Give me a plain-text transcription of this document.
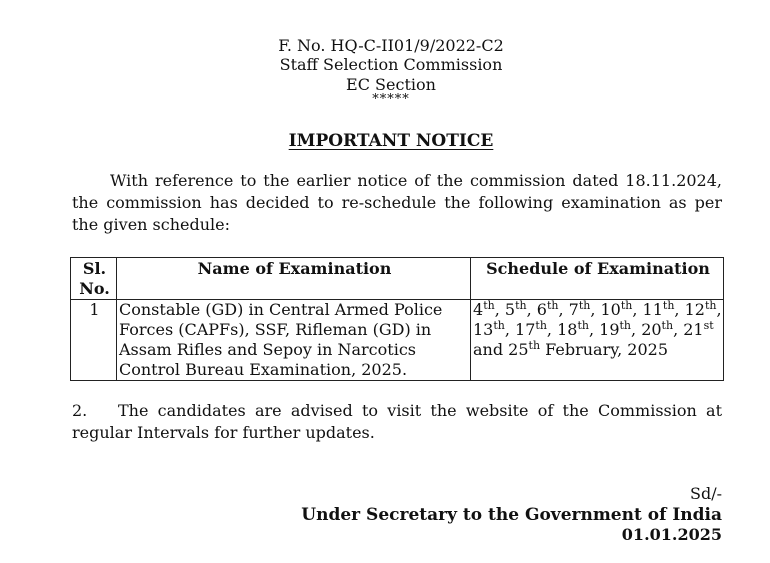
F. No. HQ-C-II01/9/2022-C2
Staff Selection Commission
EC Section
*****
IMPORTANT NOTICE
With reference to the earlier notice of the commission dated 18.11.2024, the commission has decided to re-schedule the following examination as per the given schedule:
Sl. No.	Name of Examination	Schedule of Examination
1	Constable (GD) in Central Armed Police Forces (CAPFs), SSF, Rifleman (GD) in Assam Rifles and Sepoy in Narcotics Control Bureau Examination, 2025.	4th, 5th, 6th, 7th, 10th, 11th, 12th, 13th, 17th, 18th, 19th, 20th, 21st and 25th February, 2025
2. The candidates are advised to visit the website of the Commission at regular Intervals for further updates.
Sd/-
Under Secretary to the Government of India
01.01.2025
